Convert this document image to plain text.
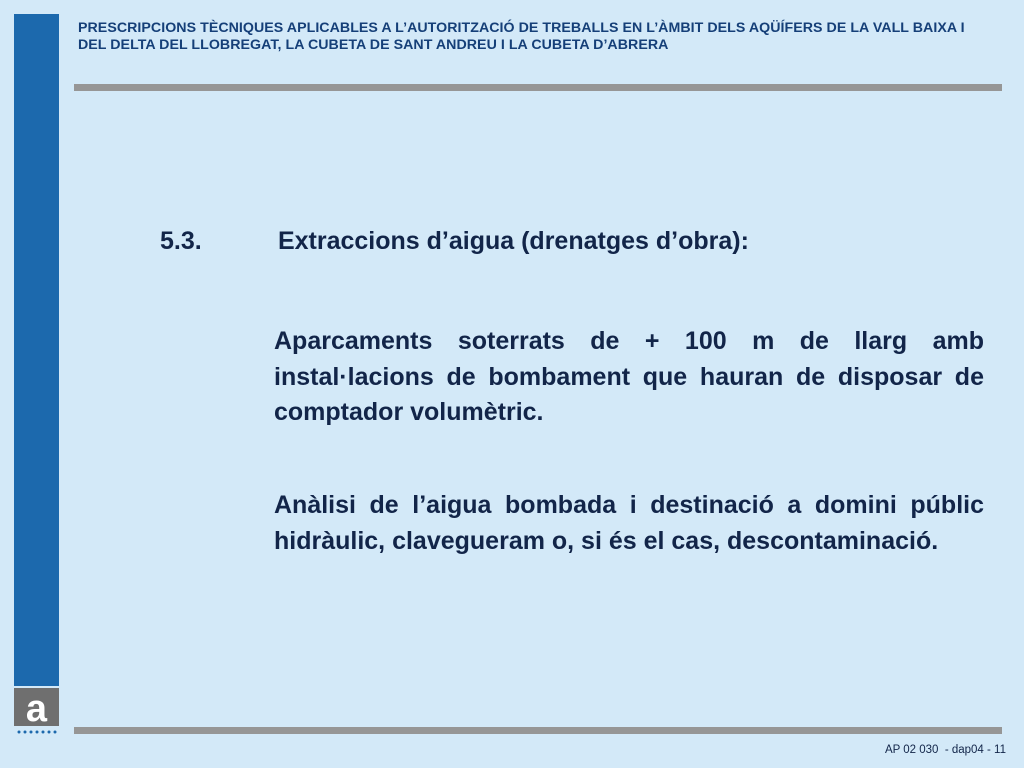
a
PRESCRIPCIONS TÈCNIQUES APLICABLES A L’AUTORITZACIÓ DE TREBALLS EN L’ÀMBIT DELS AQÜÍFERS DE LA VALL BAIXA I DEL DELTA DEL LLOBREGAT, LA CUBETA DE SANT ANDREU I LA CUBETA D’ABRERA
5.3.	Extraccions d’aigua (drenatges d’obra):
Aparcaments soterrats de + 100 m de llarg amb instal·lacions de bombament que hauran de disposar de comptador volumètric.
Anàlisi de l’aigua bombada i destinació a domini públic hidràulic, clavegueram o, si és el cas, descontaminació.
AP 02 030  - dap04 - 11
